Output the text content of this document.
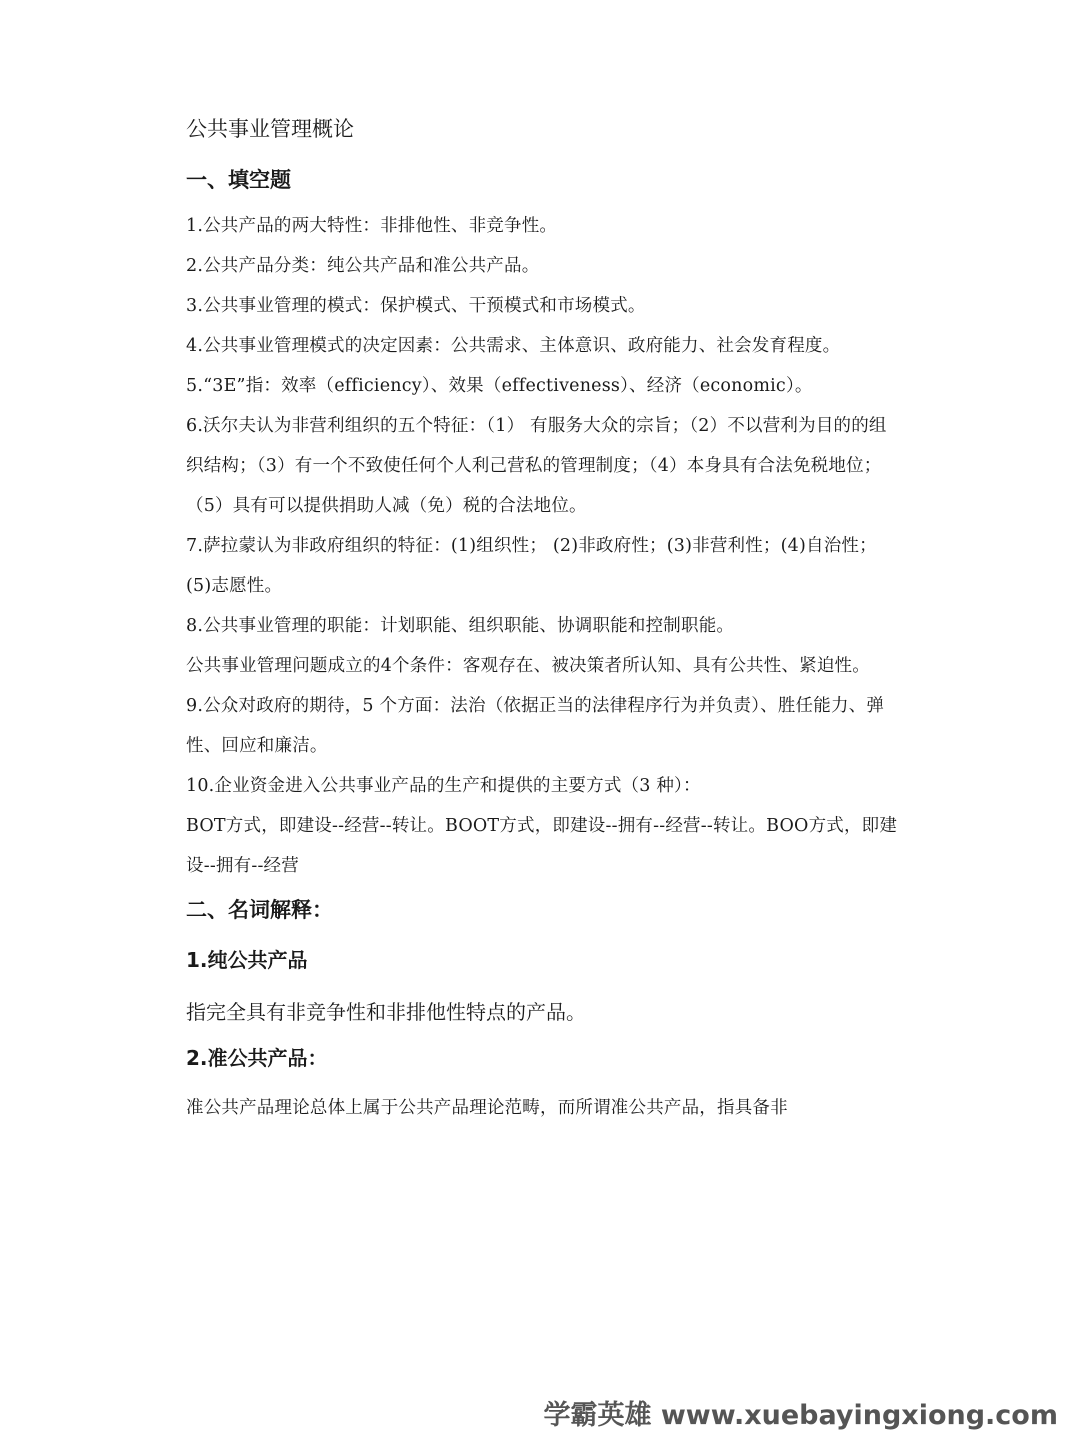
公共事业管理概论
一、填空题

1.公共产品的两大特性：非排他性、非竞争性。

2.公共产品分类：纯公共产品和准公共产品。

3.公共事业管理的模式：保护模式、干预模式和市场模式。

4.公共事业管理模式的决定因素：公共需求、主体意识、政府能力、社会发育程度。

5.“3E”指：效率（efficiency）、效果（effectiveness）、经济（economic）。

6.沃尔夫认为非营利组织的五个特征：（1） 有服务大众的宗旨；（2）不以营利为目的的组织结构；（3）有一个不致使任何个人利己营私的管理制度；（4）本身具有合法免税地位；（5）具有可以提供捐助人减（免）税的合法地位。

7.萨拉蒙认为非政府组织的特征：(1)组织性； (2)非政府性；(3)非营利性；(4)自治性；(5)志愿性。

8.公共事业管理的职能：计划职能、组织职能、协调职能和控制职能。

公共事业管理问题成立的4个条件：客观存在、被决策者所认知、具有公共性、紧迫性。

9.公众对政府的期待，5 个方面：法治（依据正当的法律程序行为并负责）、胜任能力、弹性、回应和廉洁。

10.企业资金进入公共事业产品的生产和提供的主要方式（3 种）：

BOT方式，即建设--经营--转让。BOOT方式，即建设--拥有--经营--转让。BOO方式，即建设--拥有--经营

二、名词解释：
1.纯公共产品

指完全具有非竞争性和非排他性特点的产品。

2.准公共产品：

准公共产品理论总体上属于公共产品理论范畴，而所谓准公共产品，指具备非

学霸英雄 www.xuebayingxiong.com
